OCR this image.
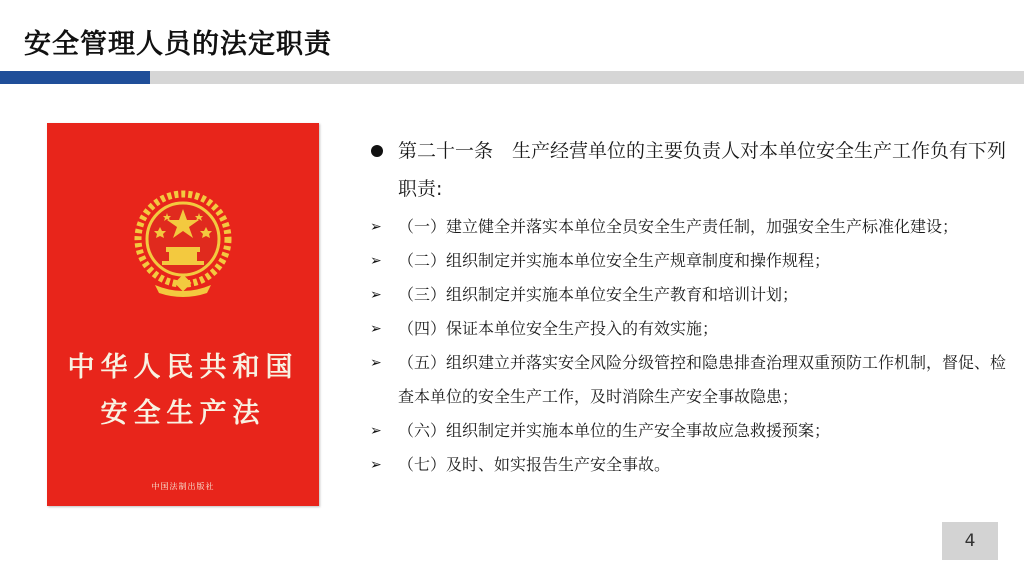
安全管理人员的法定职责
中华人民共和国
安全生产法
中国法制出版社
第二十一条　生产经营单位的主要负责人对本单位安全生产工作负有下列职责:
➢ （一）建立健全并落实本单位全员安全生产责任制，加强安全生产标准化建设；
➢ （二）组织制定并实施本单位安全生产规章制度和操作规程；
➢ （三）组织制定并实施本单位安全生产教育和培训计划；
➢ （四）保证本单位安全生产投入的有效实施；
➢ （五）组织建立并落实安全风险分级管控和隐患排查治理双重预防工作机制，督促、检查本单位的安全生产工作，及时消除生产安全事故隐患；
➢ （六）组织制定并实施本单位的生产安全事故应急救援预案；
➢ （七）及时、如实报告生产安全事故。
4
